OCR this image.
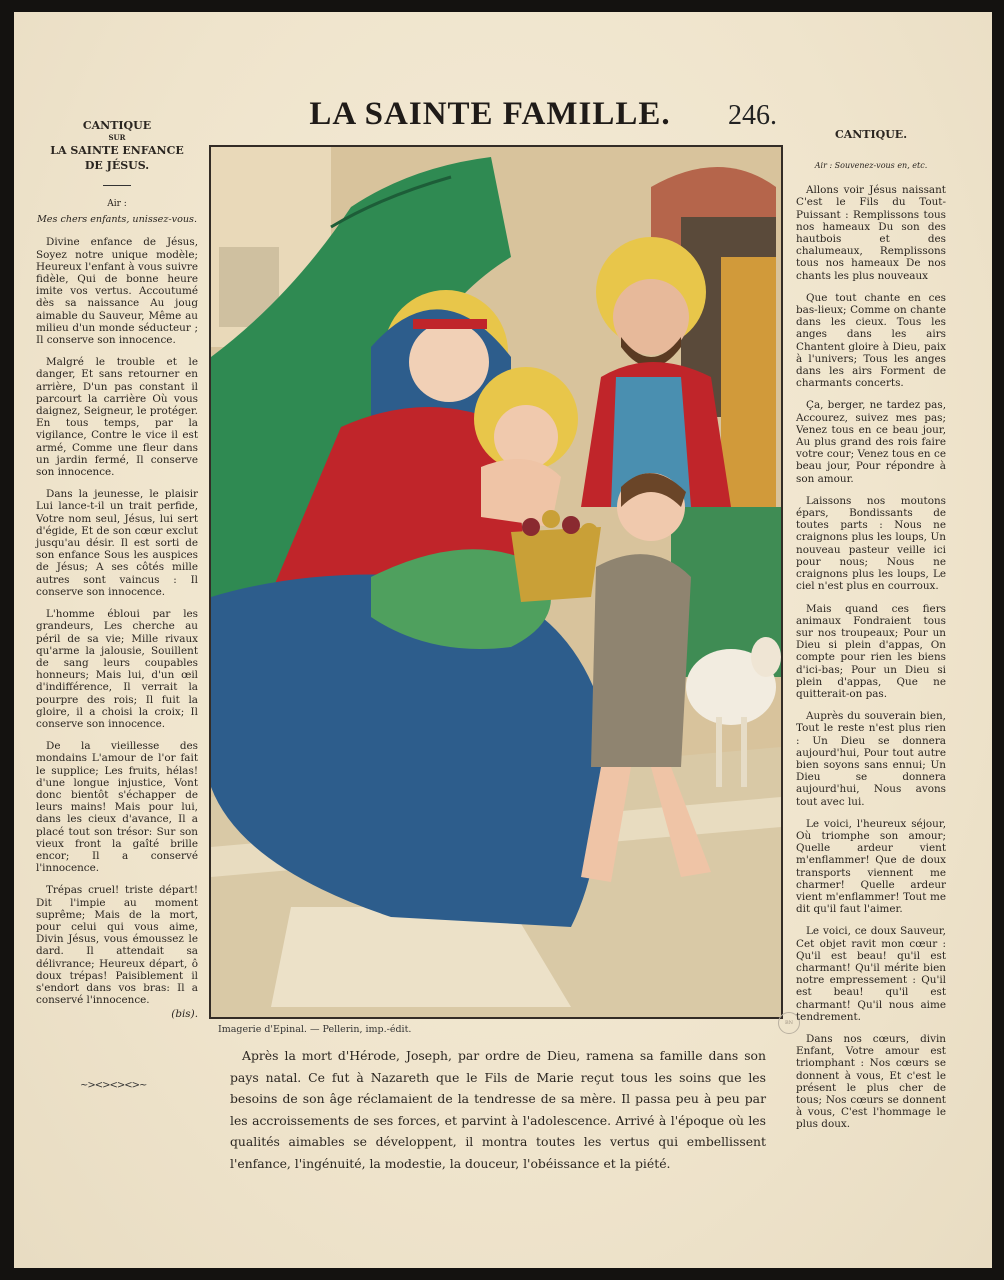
CANTIQUE
SUR
LA SAINTE ENFANCE
DE JÉSUS.
Air :
Mes chers enfants, unissez-vous.

Divine enfance de Jésus, Soyez notre unique modèle; Heureux l'enfant à vous suivre fidèle, Qui de bonne heure imite vos vertus. Accoutumé dès sa naissance Au joug aimable du Sauveur, Même au milieu d'un monde séducteur ; Il conserve son innocence.

Malgré le trouble et le danger, Et sans retourner en arrière, D'un pas constant il parcourt la carrière Où vous daignez, Seigneur, le protéger. En tous temps, par la vigilance, Contre le vice il est armé, Comme une fleur dans un jardin fermé, Il conserve son innocence.

Dans la jeunesse, le plaisir Lui lance-t-il un trait perfide, Votre nom seul, Jésus, lui sert d'égide, Et de son cœur exclut jusqu'au désir. Il est sorti de son enfance Sous les auspices de Jésus; A ses côtés mille autres sont vaincus : Il conserve son innocence.

L'homme ébloui par les grandeurs, Les cherche au péril de sa vie; Mille rivaux qu'arme la jalousie, Souillent de sang leurs coupables honneurs; Mais lui, d'un œil d'indifférence, Il verrait la pourpre des rois; Il fuit la gloire, il a choisi la croix; Il conserve son innocence.

De la vieillesse des mondains L'amour de l'or fait le supplice; Les fruits, hélas! d'une longue injustice, Vont donc bientôt s'échapper de leurs mains! Mais pour lui, dans les cieux d'avance, Il a placé tout son trésor: Sur son vieux front la gaîté brille encor; Il a conservé l'innocence.

Trépas cruel! triste départ! Dit l'impie au moment suprême; Mais de la mort, pour celui qui vous aime, Divin Jésus, vous émoussez le dard. Il attendait sa délivrance; Heureux départ, ô doux trépas! Paisiblement il s'endort dans vos bras: Il a conservé l'innocence.

(bis).
~><><><>~
LA SAINTE FAMILLE.	246.
BN
Imagerie d'Epinal. — Pellerin, imp.-édit.
Après la mort d'Hérode, Joseph, par ordre de Dieu, ramena sa famille dans son pays natal. Ce fut à Nazareth que le Fils de Marie reçut tous les soins que les besoins de son âge réclamaient de la tendresse de sa mère. Il passa peu à peu par les accroissements de ses forces, et parvint à l'adolescence. Arrivé à l'époque où les qualités aimables se développent, il montra toutes les vertus qui embellissent l'enfance, l'ingénuité, la modestie, la douceur, l'obéissance et la piété.
CANTIQUE.
Air : Souvenez-vous en, etc.

Allons voir Jésus naissant C'est le Fils du Tout-Puissant : Remplissons tous nos hameaux Du son des hautbois et des chalumeaux, Remplissons tous nos hameaux De nos chants les plus nouveaux

Que tout chante en ces bas-lieux; Comme on chante dans les cieux. Tous les anges dans les airs Chantent gloire à Dieu, paix à l'univers; Tous les anges dans les airs Forment de charmants concerts.

Ça, berger, ne tardez pas, Accourez, suivez mes pas; Venez tous en ce beau jour, Au plus grand des rois faire votre cour; Venez tous en ce beau jour, Pour répondre à son amour.

Laissons nos moutons épars, Bondissants de toutes parts : Nous ne craignons plus les loups, Un nouveau pasteur veille ici pour nous; Nous ne craignons plus les loups, Le ciel n'est plus en courroux.

Mais quand ces fiers animaux Fondraient tous sur nos troupeaux; Pour un Dieu si plein d'appas, On compte pour rien les biens d'ici-bas; Pour un Dieu si plein d'appas, Que ne quitterait-on pas.

Auprès du souverain bien, Tout le reste n'est plus rien : Un Dieu se donnera aujourd'hui, Pour tout autre bien soyons sans ennui; Un Dieu se donnera aujourd'hui, Nous avons tout avec lui.

Le voici, l'heureux séjour, Où triomphe son amour; Quelle ardeur vient m'enflammer! Que de doux transports viennent me charmer! Quelle ardeur vient m'enflammer! Tout me dit qu'il faut l'aimer.

Le voici, ce doux Sauveur, Cet objet ravit mon cœur : Qu'il est beau! qu'il est charmant! Qu'il mérite bien notre empressement : Qu'il est beau! qu'il est charmant! Qu'il nous aime tendrement.

Dans nos cœurs, divin Enfant, Votre amour est triomphant : Nos cœurs se donnent à vous, Et c'est le présent le plus cher de tous; Nos cœurs se donnent à vous, C'est l'hommage le plus doux.
